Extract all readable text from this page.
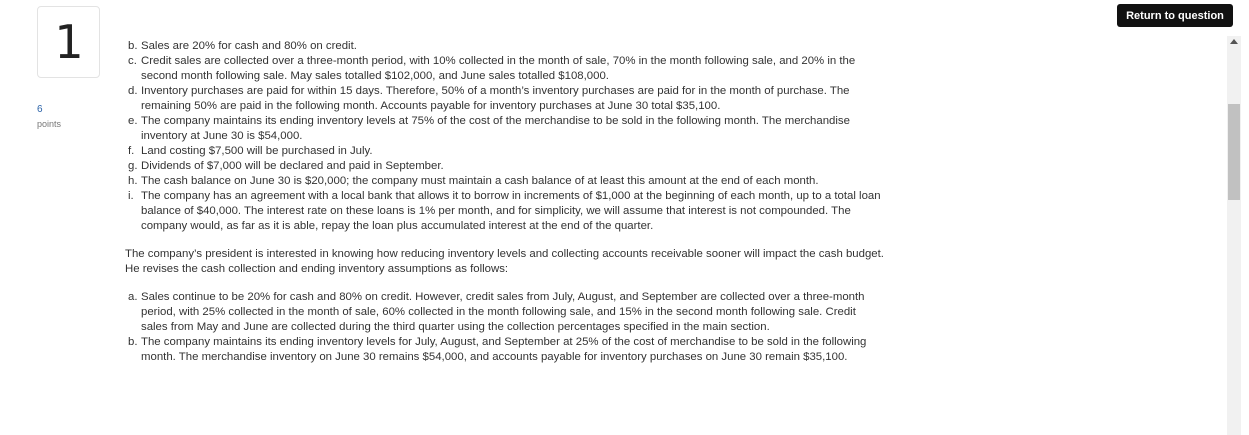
1
6
points
Return to question
b. Sales are 20% for cash and 80% on credit.
c. Credit sales are collected over a three-month period, with 10% collected in the month of sale, 70% in the month following sale, and 20% in the second month following sale. May sales totalled $102,000, and June sales totalled $108,000.
d. Inventory purchases are paid for within 15 days. Therefore, 50% of a month’s inventory purchases are paid for in the month of purchase. The remaining 50% are paid in the following month. Accounts payable for inventory purchases at June 30 total $35,100.
e. The company maintains its ending inventory levels at 75% of the cost of the merchandise to be sold in the following month. The merchandise inventory at June 30 is $54,000.
f. Land costing $7,500 will be purchased in July.
g. Dividends of $7,000 will be declared and paid in September.
h. The cash balance on June 30 is $20,000; the company must maintain a cash balance of at least this amount at the end of each month.
i. The company has an agreement with a local bank that allows it to borrow in increments of $1,000 at the beginning of each month, up to a total loan balance of $40,000. The interest rate on these loans is 1% per month, and for simplicity, we will assume that interest is not compounded. The company would, as far as it is able, repay the loan plus accumulated interest at the end of the quarter.
The company’s president is interested in knowing how reducing inventory levels and collecting accounts receivable sooner will impact the cash budget. He revises the cash collection and ending inventory assumptions as follows:
a. Sales continue to be 20% for cash and 80% on credit. However, credit sales from July, August, and September are collected over a three-month period, with 25% collected in the month of sale, 60% collected in the month following sale, and 15% in the second month following sale. Credit sales from May and June are collected during the third quarter using the collection percentages specified in the main section.
b. The company maintains its ending inventory levels for July, August, and September at 25% of the cost of merchandise to be sold in the following month. The merchandise inventory on June 30 remains $54,000, and accounts payable for inventory purchases on June 30 remain $35,100.
